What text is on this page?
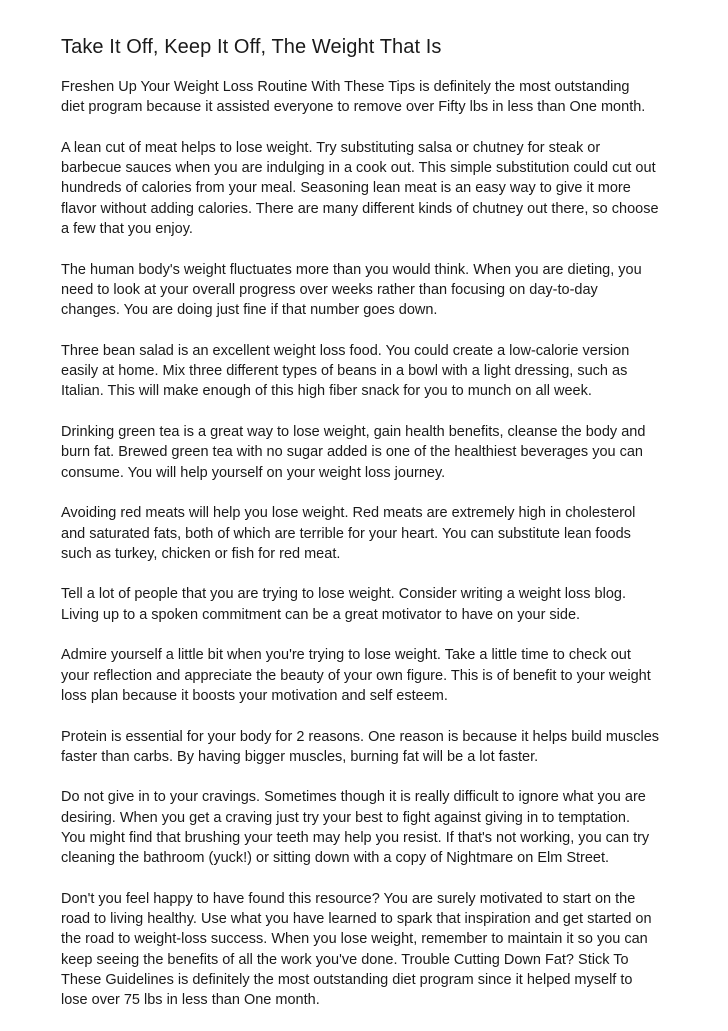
Take It Off, Keep It Off, The Weight That Is

Freshen Up Your Weight Loss Routine With These Tips is definitely the most outstanding
diet program because it assisted everyone to remove over Fifty lbs in less than One month.

A lean cut of meat helps to lose weight. Try substituting salsa or chutney for steak or
barbecue sauces when you are indulging in a cook out. This simple substitution could cut out
hundreds of calories from your meal. Seasoning lean meat is an easy way to give it more
flavor without adding calories. There are many different kinds of chutney out there, so choose
a few that you enjoy.

The human body's weight fluctuates more than you would think. When you are dieting, you
need to look at your overall progress over weeks rather than focusing on day-to-day
changes. You are doing just fine if that number goes down.

Three bean salad is an excellent weight loss food. You could create a low-calorie version
easily at home. Mix three different types of beans in a bowl with a light dressing, such as
Italian. This will make enough of this high fiber snack for you to munch on all week.

Drinking green tea is a great way to lose weight, gain health benefits, cleanse the body and
burn fat. Brewed green tea with no sugar added is one of the healthiest beverages you can
consume. You will help yourself on your weight loss journey.

Avoiding red meats will help you lose weight. Red meats are extremely high in cholesterol
and saturated fats, both of which are terrible for your heart. You can substitute lean foods
such as turkey, chicken or fish for red meat.

Tell a lot of people that you are trying to lose weight. Consider writing a weight loss blog.
Living up to a spoken commitment can be a great motivator to have on your side.

Admire yourself a little bit when you're trying to lose weight. Take a little time to check out
your reflection and appreciate the beauty of your own figure. This is of benefit to your weight
loss plan because it boosts your motivation and self esteem.

Protein is essential for your body for 2 reasons. One reason is because it helps build muscles
faster than carbs. By having bigger muscles, burning fat will be a lot faster.

Do not give in to your cravings. Sometimes though it is really difficult to ignore what you are
desiring. When you get a craving just try your best to fight against giving in to temptation.
You might find that brushing your teeth may help you resist. If that's not working, you can try
cleaning the bathroom (yuck!) or sitting down with a copy of Nightmare on Elm Street.

Don't you feel happy to have found this resource? You are surely motivated to start on the
road to living healthy. Use what you have learned to spark that inspiration and get started on
the road to weight-loss success. When you lose weight, remember to maintain it so you can
keep seeing the benefits of all the work you've done. Trouble Cutting Down Fat? Stick To
These Guidelines is definitely the most outstanding diet program since it helped myself to
lose over 75 lbs in less than One month.
